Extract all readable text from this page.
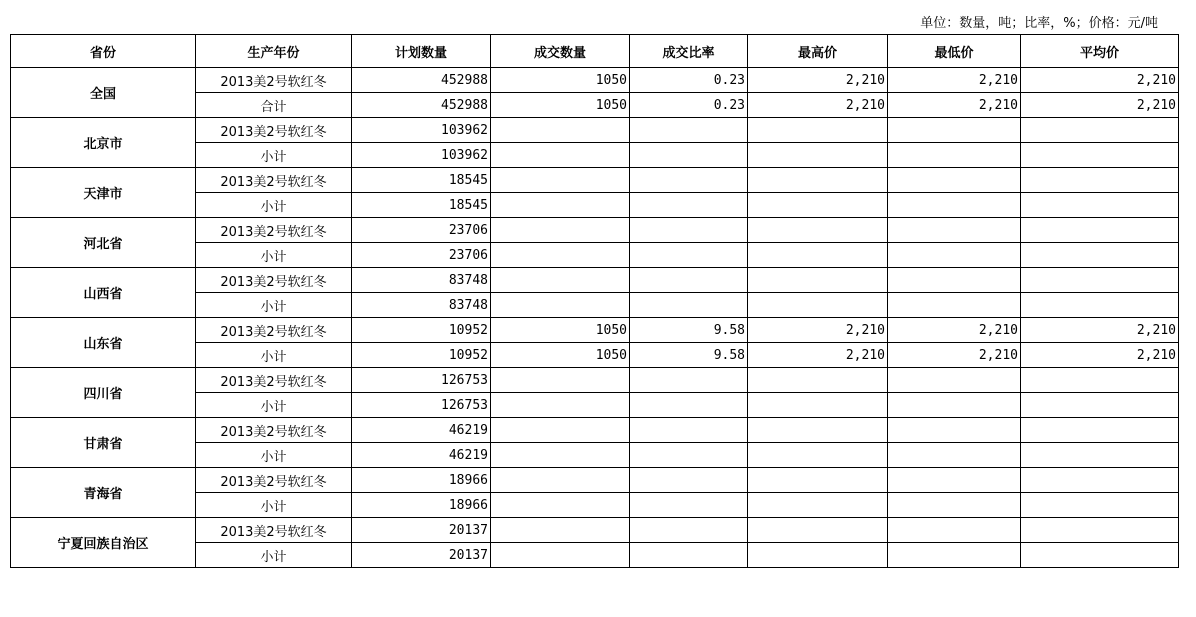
单位：数量，吨；比率，%；价格：元/吨
省份	生产年份	计划数量	成交数量	成交比率	最高价	最低价	平均价
全国	2013美2号软红冬	452988	1050	0.23	2,210	2,210	2,210
	合计	452988	1050	0.23	2,210	2,210	2,210
北京市	2013美2号软红冬	103962					
	小计	103962					
天津市	2013美2号软红冬	18545					
	小计	18545					
河北省	2013美2号软红冬	23706					
	小计	23706					
山西省	2013美2号软红冬	83748					
	小计	83748					
山东省	2013美2号软红冬	10952	1050	9.58	2,210	2,210	2,210
	小计	10952	1050	9.58	2,210	2,210	2,210
四川省	2013美2号软红冬	126753					
	小计	126753					
甘肃省	2013美2号软红冬	46219					
	小计	46219					
青海省	2013美2号软红冬	18966					
	小计	18966					
宁夏回族自治区	2013美2号软红冬	20137					
	小计	20137					
